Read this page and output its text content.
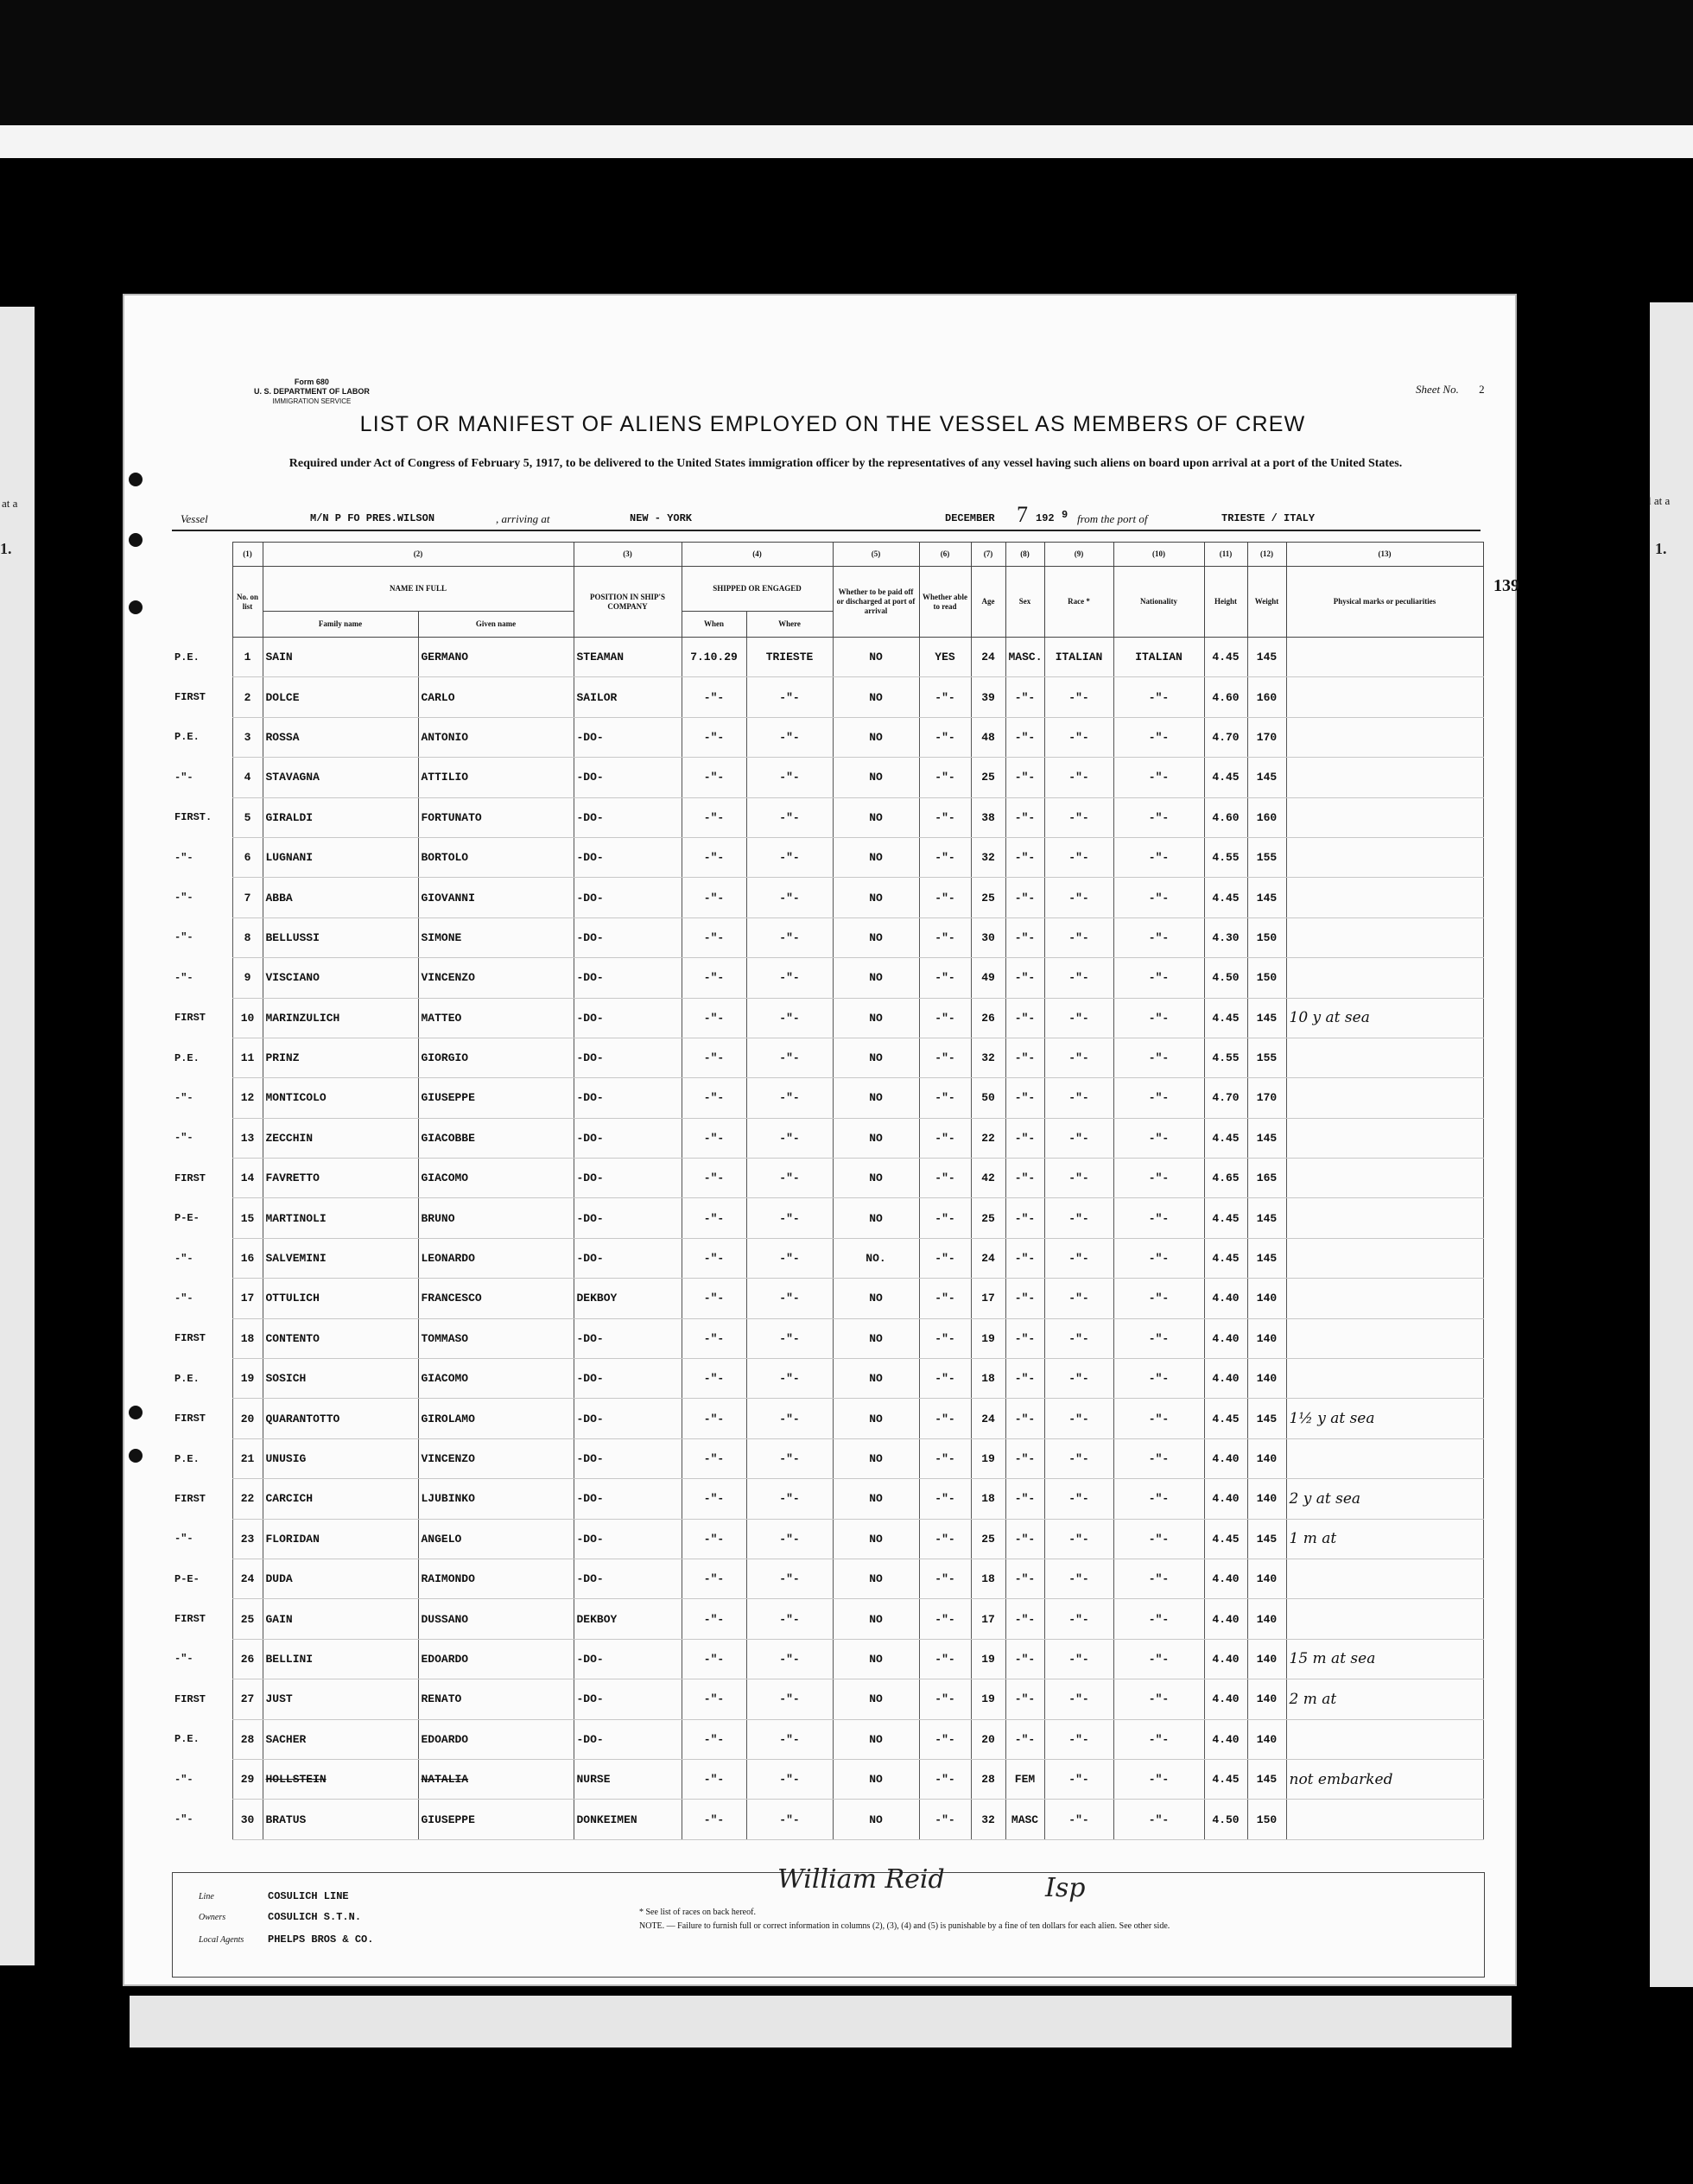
at a
1.
l at a
1.
Form 680
U. S. DEPARTMENT OF LABOR
IMMIGRATION SERVICE
Sheet No. 2
LIST OR MANIFEST OF ALIENS EMPLOYED ON THE VESSEL AS MEMBERS OF CREW
Required under Act of Congress of February 5, 1917, to be delivered to the United States immigration officer by the representatives of any vessel having such aliens on board upon arrival at a port of the United States.
Vessel	M/N P FO PRES.WILSON	, arriving at	NEW - YORK	DECEMBER 7 192 9 from the port of	TRIESTE / ITALY
139
	(1)	(2)		(3)	(4)		(5)	(6)	(7)	(8)	(9)	(10)	(11)	(12)	(13)
	No. on list	NAME IN FULL		POSITION IN SHIP'S COMPANY	SHIPPED OR ENGAGED		Whether to be paid off or discharged at port of arrival	Whether able to read	Age	Sex	Race *	Nationality	Height	Weight	Physical marks or peculiarities
		Family name	Given name		When	Where									
P.E.	1	SAIN	GERMANO	STEAMAN	7.10.29	TRIESTE	NO	YES	24	MASC.	ITALIAN	ITALIAN	4.45	145	
FIRST	2	DOLCE	CARLO	SAILOR	-"-	-"-	NO	-"-	39	-"-	-"-	-"-	4.60	160	
P.E.	3	ROSSA	ANTONIO	-DO-	-"-	-"-	NO	-"-	48	-"-	-"-	-"-	4.70	170	
-"-	4	STAVAGNA	ATTILIO	-DO-	-"-	-"-	NO	-"-	25	-"-	-"-	-"-	4.45	145	
FIRST.	5	GIRALDI	FORTUNATO	-DO-	-"-	-"-	NO	-"-	38	-"-	-"-	-"-	4.60	160	
-"-	6	LUGNANI	BORTOLO	-DO-	-"-	-"-	NO	-"-	32	-"-	-"-	-"-	4.55	155	
-"-	7	ABBA	GIOVANNI	-DO-	-"-	-"-	NO	-"-	25	-"-	-"-	-"-	4.45	145	
-"-	8	BELLUSSI	SIMONE	-DO-	-"-	-"-	NO	-"-	30	-"-	-"-	-"-	4.30	150	
-"-	9	VISCIANO	VINCENZO	-DO-	-"-	-"-	NO	-"-	49	-"-	-"-	-"-	4.50	150	
FIRST	10	MARINZULICH	MATTEO	-DO-	-"-	-"-	NO	-"-	26	-"-	-"-	-"-	4.45	145	10 y at sea
P.E.	11	PRINZ	GIORGIO	-DO-	-"-	-"-	NO	-"-	32	-"-	-"-	-"-	4.55	155	
-"-	12	MONTICOLO	GIUSEPPE	-DO-	-"-	-"-	NO	-"-	50	-"-	-"-	-"-	4.70	170	
-"-	13	ZECCHIN	GIACOBBE	-DO-	-"-	-"-	NO	-"-	22	-"-	-"-	-"-	4.45	145	
FIRST	14	FAVRETTO	GIACOMO	-DO-	-"-	-"-	NO	-"-	42	-"-	-"-	-"-	4.65	165	
P-E-	15	MARTINOLI	BRUNO	-DO-	-"-	-"-	NO	-"-	25	-"-	-"-	-"-	4.45	145	
-"-	16	SALVEMINI	LEONARDO	-DO-	-"-	-"-	NO.	-"-	24	-"-	-"-	-"-	4.45	145	
-"-	17	OTTULICH	FRANCESCO	DEKBOY	-"-	-"-	NO	-"-	17	-"-	-"-	-"-	4.40	140	
FIRST	18	CONTENTO	TOMMASO	-DO-	-"-	-"-	NO	-"-	19	-"-	-"-	-"-	4.40	140	
P.E.	19	SOSICH	GIACOMO	-DO-	-"-	-"-	NO	-"-	18	-"-	-"-	-"-	4.40	140	
FIRST	20	QUARANTOTTO	GIROLAMO	-DO-	-"-	-"-	NO	-"-	24	-"-	-"-	-"-	4.45	145	1½ y at sea
P.E.	21	UNUSIG	VINCENZO	-DO-	-"-	-"-	NO	-"-	19	-"-	-"-	-"-	4.40	140	
FIRST	22	CARCICH	LJUBINKO	-DO-	-"-	-"-	NO	-"-	18	-"-	-"-	-"-	4.40	140	2 y at sea
-"-	23	FLORIDAN	ANGELO	-DO-	-"-	-"-	NO	-"-	25	-"-	-"-	-"-	4.45	145	1 m at
P-E-	24	DUDA	RAIMONDO	-DO-	-"-	-"-	NO	-"-	18	-"-	-"-	-"-	4.40	140	
FIRST	25	GAIN	DUSSANO	DEKBOY	-"-	-"-	NO	-"-	17	-"-	-"-	-"-	4.40	140	
-"-	26	BELLINI	EDOARDO	-DO-	-"-	-"-	NO	-"-	19	-"-	-"-	-"-	4.40	140	15 m at sea
FIRST	27	JUST	RENATO	-DO-	-"-	-"-	NO	-"-	19	-"-	-"-	-"-	4.40	140	2 m at
P.E.	28	SACHER	EDOARDO	-DO-	-"-	-"-	NO	-"-	20	-"-	-"-	-"-	4.40	140	
-"-	29	HOLLSTEIN	NATALIA	NURSE	-"-	-"-	NO	-"-	28	FEM	-"-	-"-	4.45	145	not embarked
-"-	30	BRATUS	GIUSEPPE	DONKEIMEN	-"-	-"-	NO	-"-	32	MASC	-"-	-"-	4.50	150	
Line	COSULICH LINE
Owners	COSULICH S.T.N.
Local Agents PHELPS BROS & CO.
* See list of races on back hereof.
NOTE. — Failure to furnish full or correct information in columns (2), (3), (4) and (5) is punishable by a fine of ten dollars for each alien. See other side.
William Reid	Isp
